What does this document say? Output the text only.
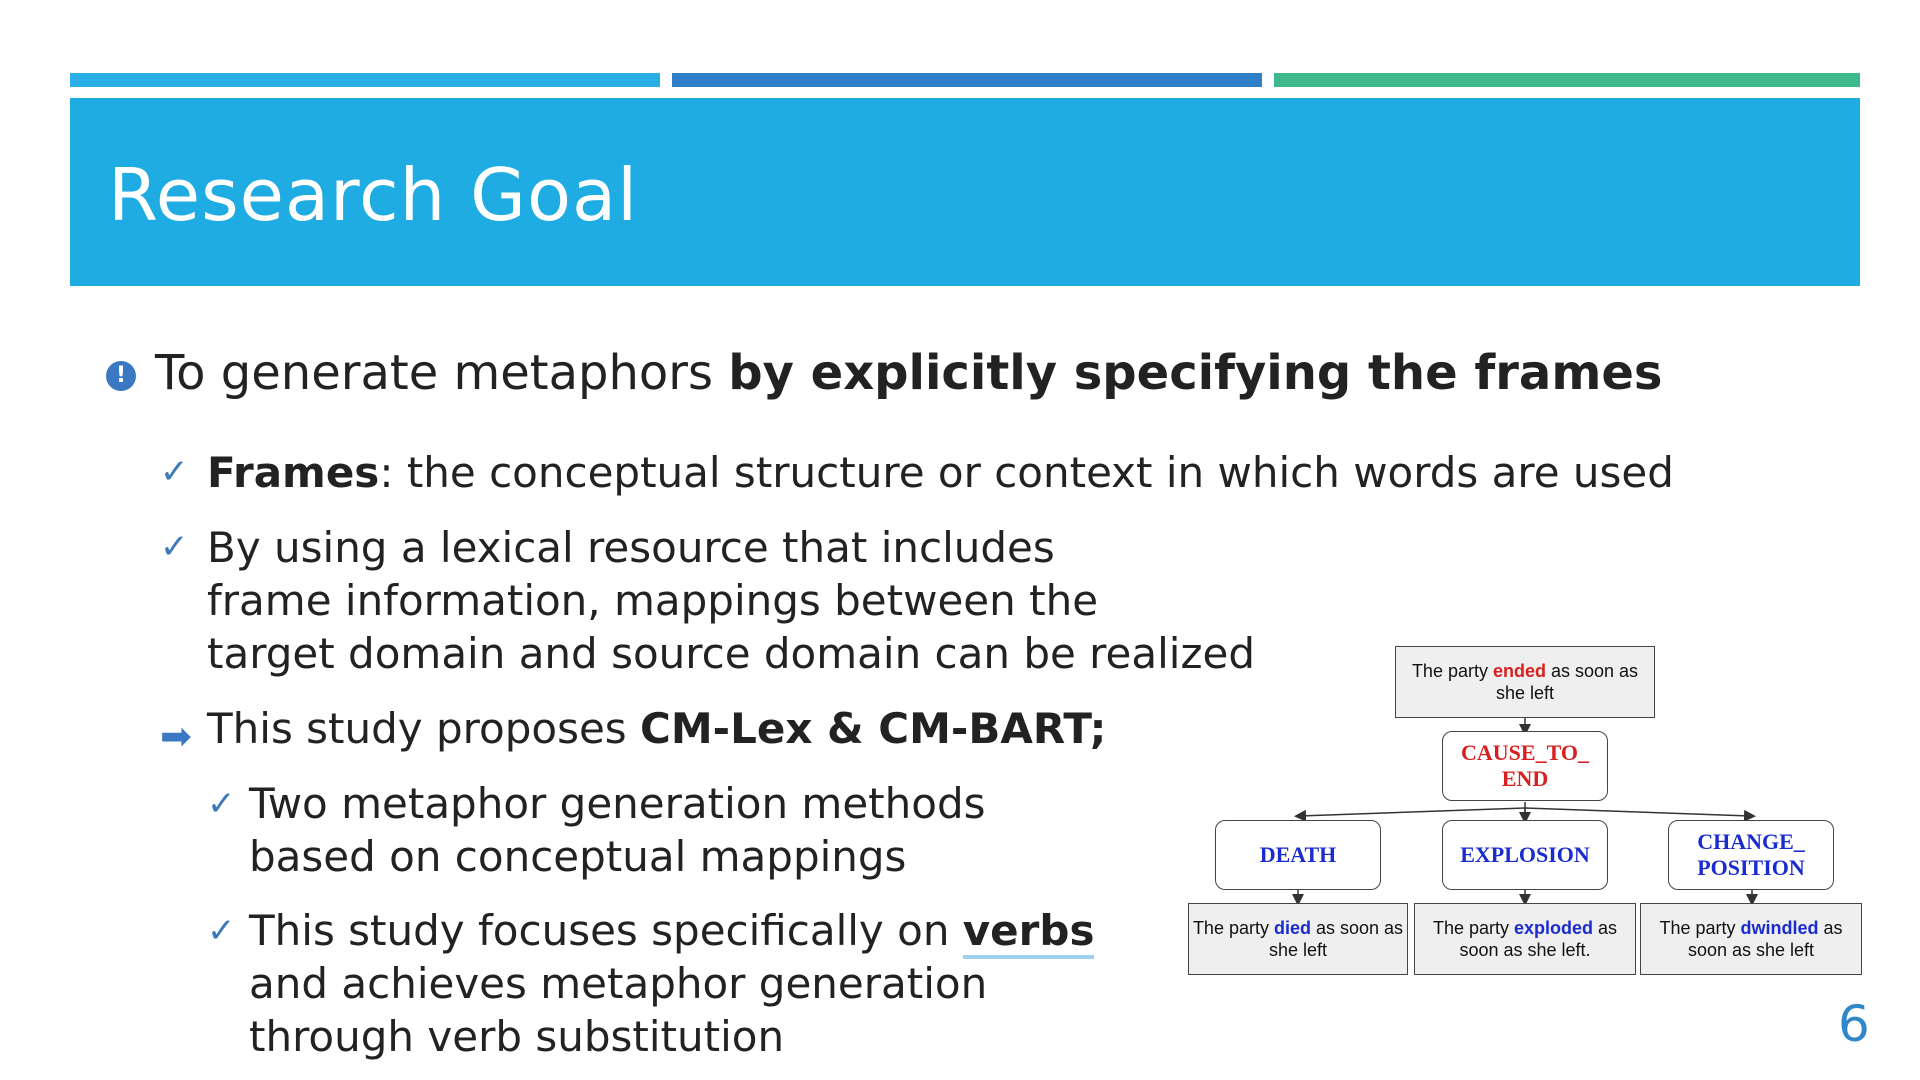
Research Goal
! To generate metaphors by explicitly specifying the frames
✓ Frames: the conceptual structure or context in which words are used
✓ By using a lexical resource that includes
frame information, mappings between the
target domain and source domain can be realized
➡ This study proposes CM-Lex & CM-BART;
✓ Two metaphor generation methods
based on conceptual mappings
✓ This study focuses specifically on verbs
and achieves metaphor generation
through verb substitution
The party ended as soon as she left
CAUSE_TO_ END
DEATH	EXPLOSION
CHANGE_ POSITION
The party died as soon as she left
The party exploded as soon as she left.
The party dwindled as soon as she left
6
